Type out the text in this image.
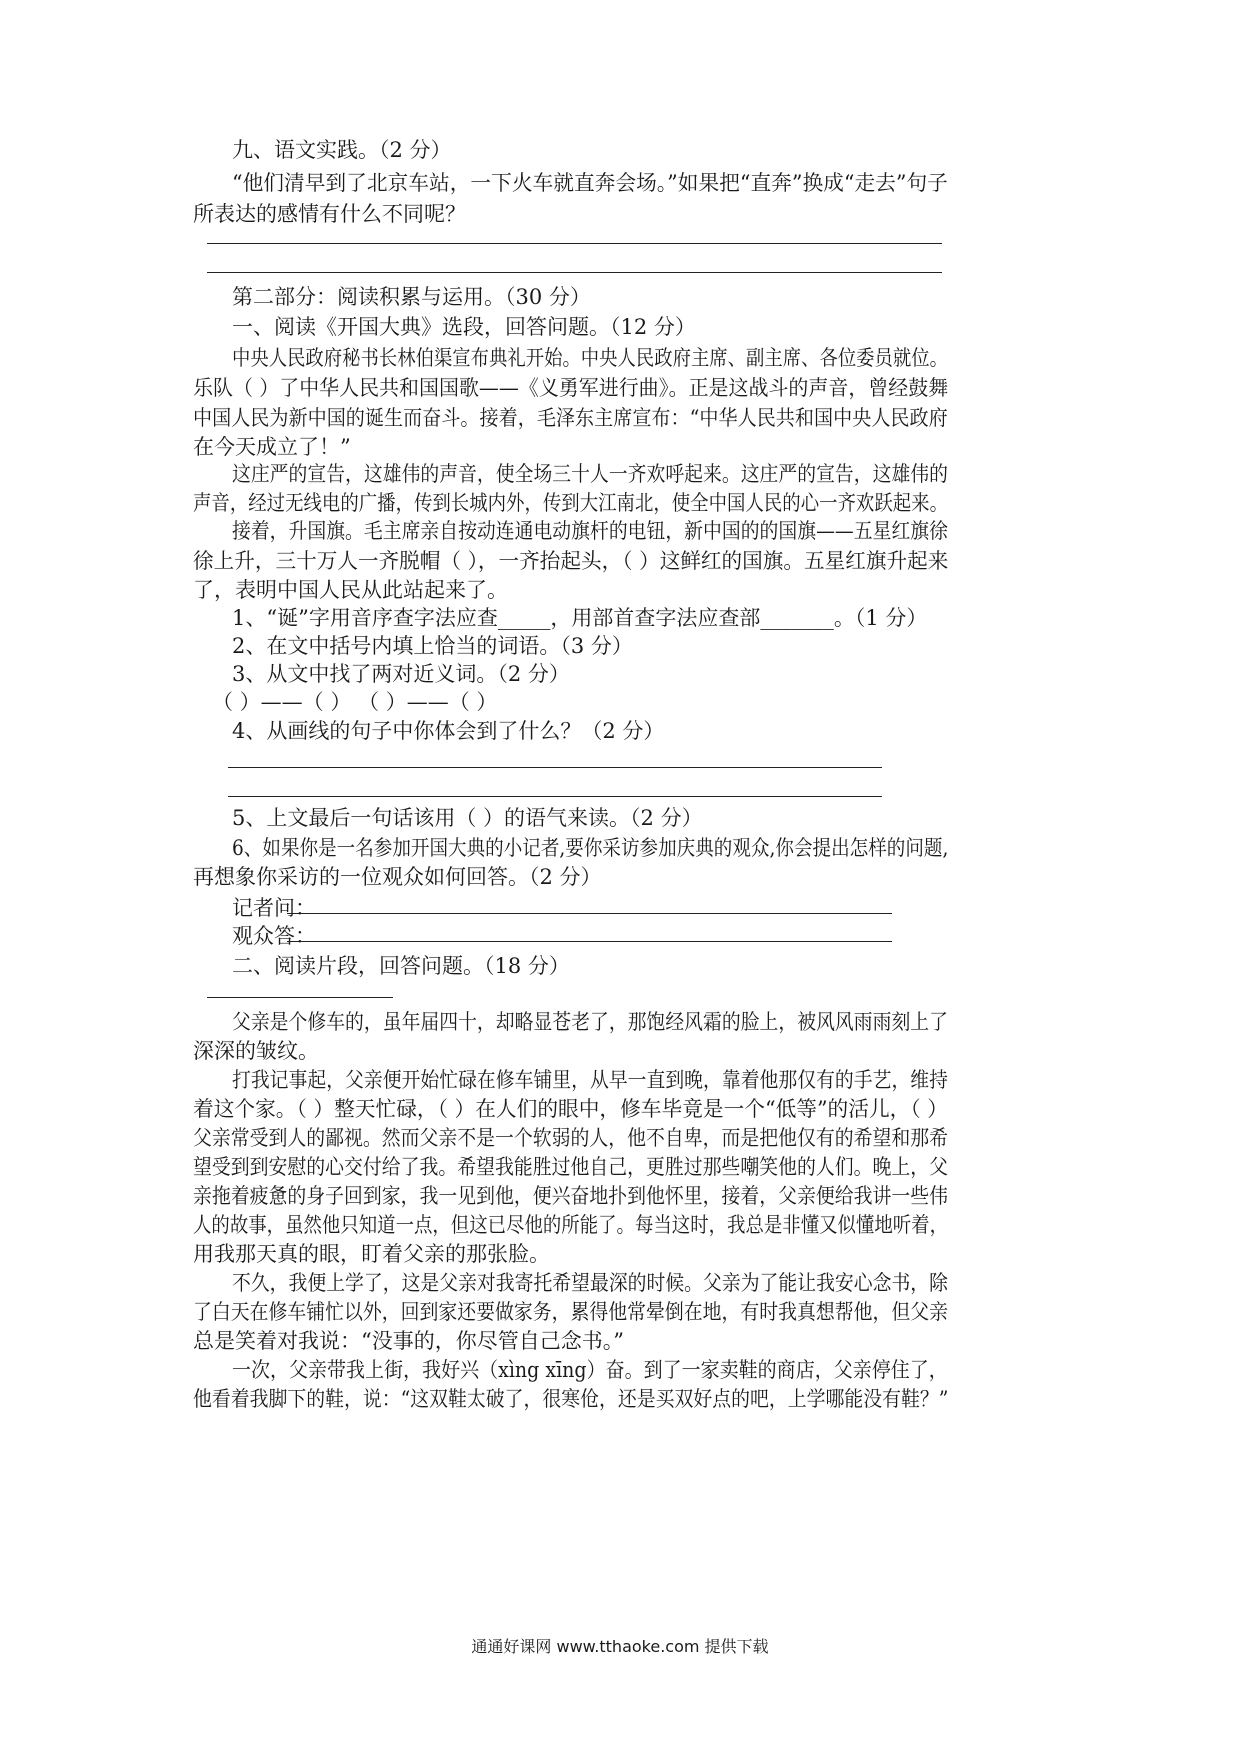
九、语文实践。（2 分）
“他们清早到了北京车站，一下火车就直奔会场。”如果把“直奔”换成“走去”句子
所表达的感情有什么不同呢？
第二部分：阅读积累与运用。（30 分）
一、阅读《开国大典》选段，回答问题。（12 分）
中央人民政府秘书长林伯渠宣布典礼开始。中央人民政府主席、副主席、各位委员就位。
乐队（ ）了中华人民共和国国歌——《义勇军进行曲》。正是这战斗的声音，曾经鼓舞
中国人民为新中国的诞生而奋斗。接着，毛泽东主席宣布：“中华人民共和国中央人民政府
在今天成立了！”
这庄严的宣告，这雄伟的声音，使全场三十人一齐欢呼起来。这庄严的宣告，这雄伟的
声音，经过无线电的广播，传到长城内外，传到大江南北，使全中国人民的心一齐欢跃起来。
接着，升国旗。毛主席亲自按动连通电动旗杆的电钮，新中国的的国旗——五星红旗徐
徐上升，三十万人一齐脱帽（ ），一齐抬起头，（ ）这鲜红的国旗。五星红旗升起来
了，表明中国人民从此站起来了。
1、“诞”字用音序查字法应查_____，用部首查字法应查部_______。（1 分）
2、在文中括号内填上恰当的词语。（3 分）
3、从文中找了两对近义词。（2 分）
（ ）——（ ） （ ）——（ ）
4、从画线的句子中你体会到了什么？（2 分）
5、上文最后一句话该用（ ）的语气来读。（2 分）
6、如果你是一名参加开国大典的小记者,要你采访参加庆典的观众,你会提出怎样的问题,
再想象你采访的一位观众如何回答。（2 分）
记者问：
观众答：
二、阅读片段，回答问题。（18 分）
父亲是个修车的，虽年届四十，却略显苍老了，那饱经风霜的脸上，被风风雨雨刻上了
深深的皱纹。
打我记事起，父亲便开始忙碌在修车铺里，从早一直到晚，靠着他那仅有的手艺，维持
着这个家。（ ）整天忙碌，（ ）在人们的眼中，修车毕竟是一个“低等”的活儿，（ ）
父亲常受到人的鄙视。然而父亲不是一个软弱的人，他不自卑，而是把他仅有的希望和那希
望受到到安慰的心交付给了我。希望我能胜过他自己，更胜过那些嘲笑他的人们。晚上，父
亲拖着疲惫的身子回到家，我一见到他，便兴奋地扑到他怀里，接着，父亲便给我讲一些伟
人的故事，虽然他只知道一点，但这已尽他的所能了。每当这时，我总是非懂又似懂地听着，
用我那天真的眼，盯着父亲的那张脸。
不久，我便上学了，这是父亲对我寄托希望最深的时候。父亲为了能让我安心念书，除
了白天在修车铺忙以外，回到家还要做家务，累得他常晕倒在地，有时我真想帮他，但父亲
总是笑着对我说：“没事的，你尽管自己念书。”
一次，父亲带我上街，我好兴（xìng xīng）奋。到了一家卖鞋的商店，父亲停住了，
他看着我脚下的鞋，说：“这双鞋太破了，很寒伧，还是买双好点的吧，上学哪能没有鞋？”
通通好课网 www.tthaoke.com 提供下载
